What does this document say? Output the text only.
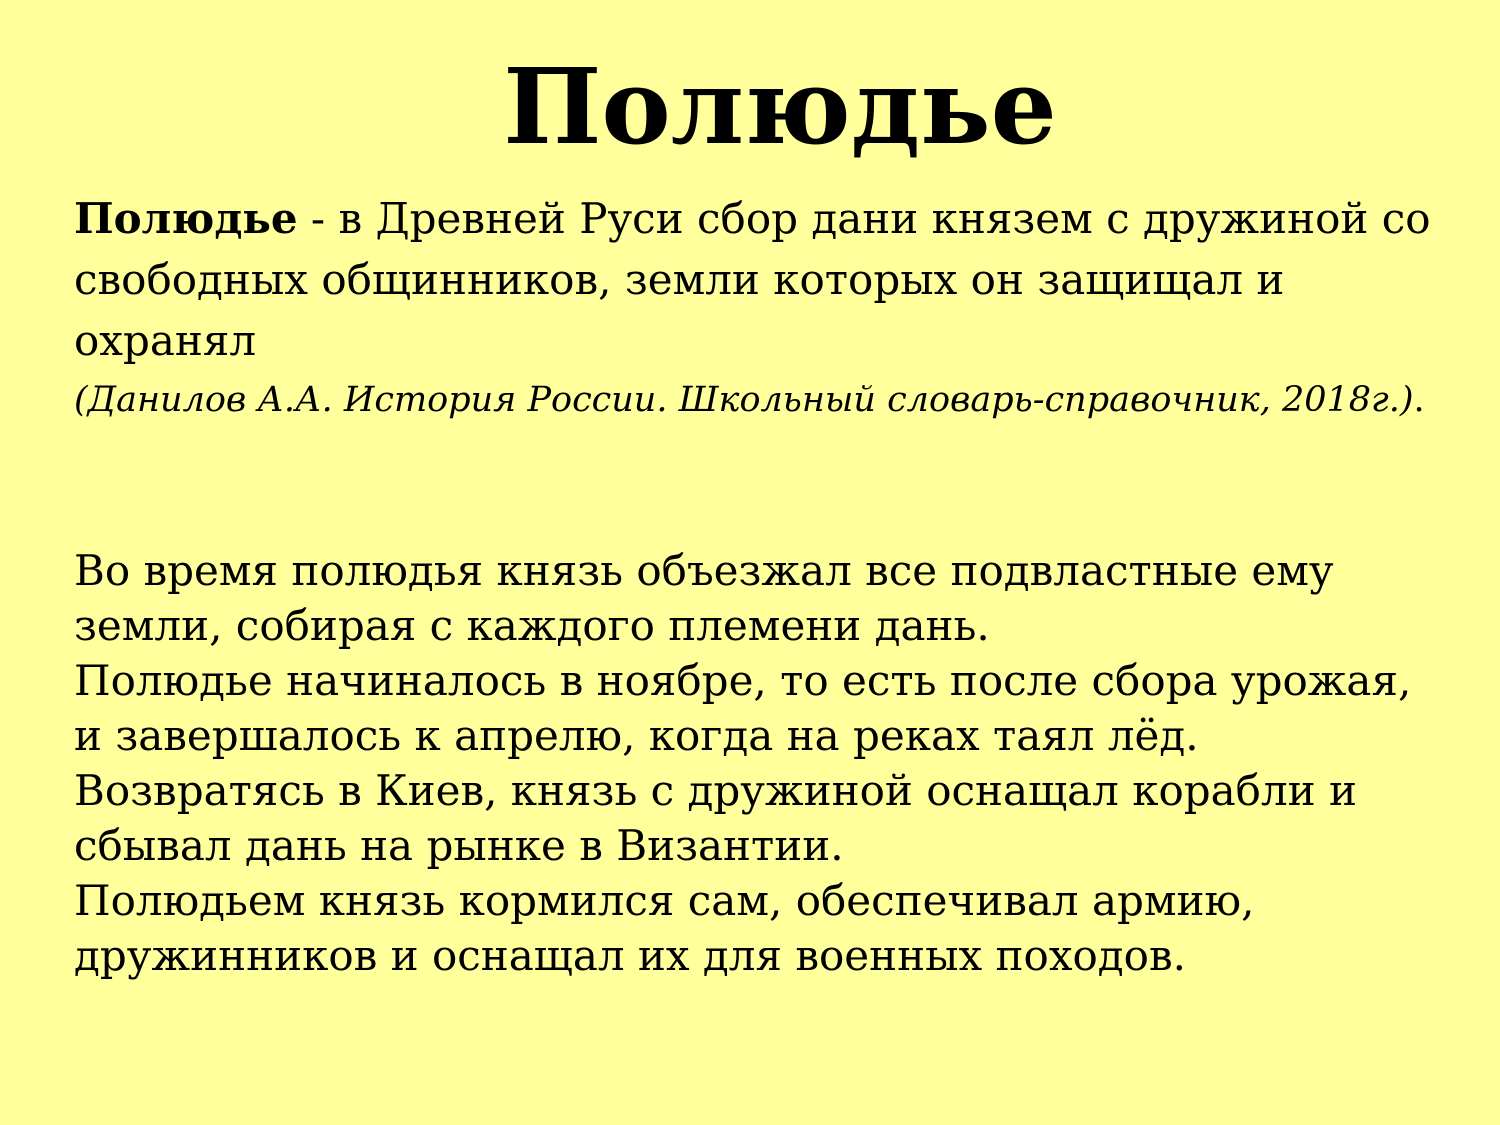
Полюдье

Полюдье - в Древней Руси сбор дани князем с дружиной со свободных общинников, земли которых он защищал и охранял

(Данилов А.А. История России. Школьный словарь-справочник, 2018г.).

Во время полюдья князь объезжал все подвластные ему земли, собирая с каждого племени дань.

Полюдье начиналось в ноябре, то есть после сбора урожая, и завершалось к апрелю, когда на реках таял лёд. Возвратясь в Киев, князь с дружиной оснащал корабли и сбывал дань на рынке в Византии.

Полюдьем князь кормился сам, обеспечивал армию, дружинников и оснащал их для военных походов.
